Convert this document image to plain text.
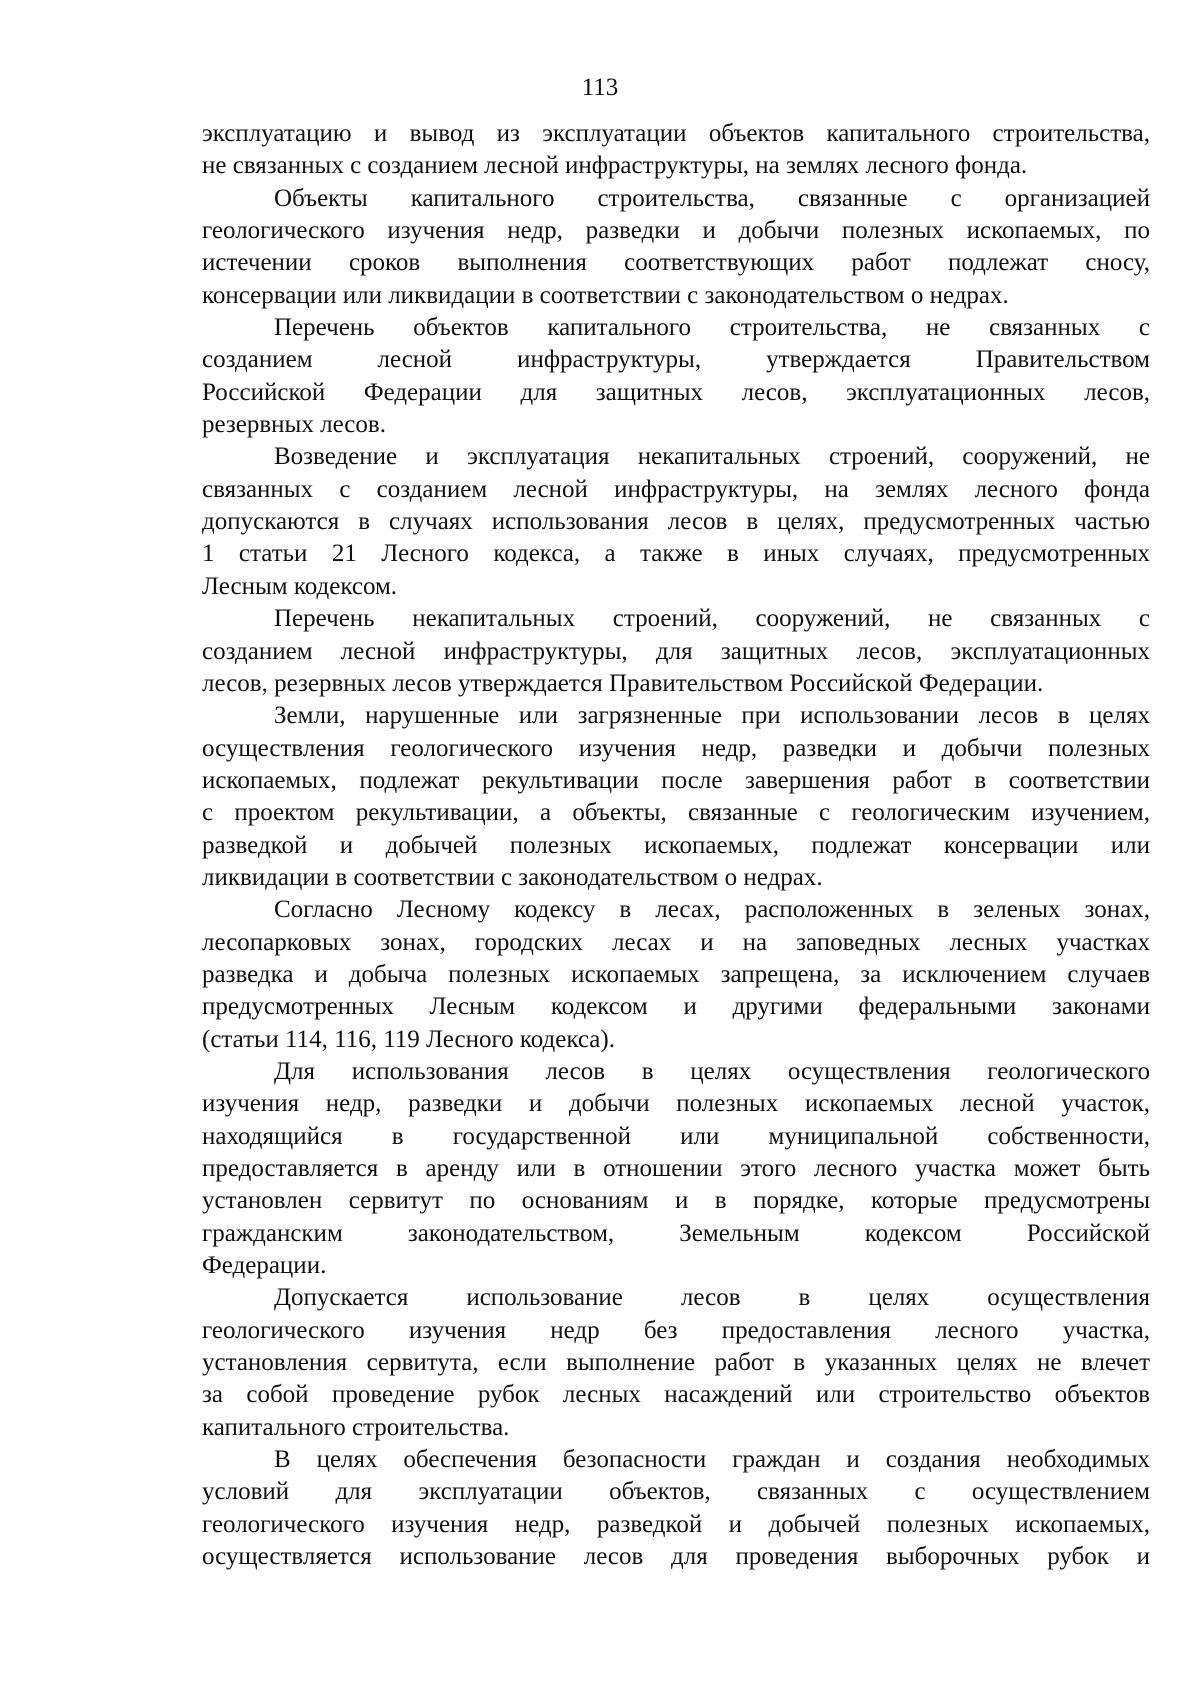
113
эксплуатацию и вывод из эксплуатации объектов капитального строительства,
не связанных с созданием лесной инфраструктуры, на землях лесного фонда.
Объекты капитального строительства, связанные с организацией
геологического изучения недр, разведки и добычи полезных ископаемых, по
истечении сроков выполнения соответствующих работ подлежат сносу,
консервации или ликвидации в соответствии с законодательством о недрах.
Перечень объектов капитального строительства, не связанных с
созданием лесной инфраструктуры, утверждается Правительством
Российской Федерации для защитных лесов, эксплуатационных лесов,
резервных лесов.
Возведение и эксплуатация некапитальных строений, сооружений, не
связанных с созданием лесной инфраструктуры, на землях лесного фонда
допускаются в случаях использования лесов в целях, предусмотренных частью
1 статьи 21 Лесного кодекса, а также в иных случаях, предусмотренных
Лесным кодексом.
Перечень некапитальных строений, сооружений, не связанных с
созданием лесной инфраструктуры, для защитных лесов, эксплуатационных
лесов, резервных лесов утверждается Правительством Российской Федерации.
Земли, нарушенные или загрязненные при использовании лесов в целях
осуществления геологического изучения недр, разведки и добычи полезных
ископаемых, подлежат рекультивации после завершения работ в соответствии
с проектом рекультивации, а объекты, связанные с геологическим изучением,
разведкой и добычей полезных ископаемых, подлежат консервации или
ликвидации в соответствии с законодательством о недрах.
Согласно Лесному кодексу в лесах, расположенных в зеленых зонах,
лесопарковых зонах, городских лесах и на заповедных лесных участках
разведка и добыча полезных ископаемых запрещена, за исключением случаев
предусмотренных Лесным кодексом и другими федеральными законами
(статьи 114, 116, 119 Лесного кодекса).
Для использования лесов в целях осуществления геологического
изучения недр, разведки и добычи полезных ископаемых лесной участок,
находящийся в государственной или муниципальной собственности,
предоставляется в аренду или в отношении этого лесного участка может быть
установлен сервитут по основаниям и в порядке, которые предусмотрены
гражданским законодательством, Земельным кодексом Российской
Федерации.
Допускается использование лесов в целях осуществления
геологического изучения недр без предоставления лесного участка,
установления сервитута, если выполнение работ в указанных целях не влечет
за собой проведение рубок лесных насаждений или строительство объектов
капитального строительства.
В целях обеспечения безопасности граждан и создания необходимых
условий для эксплуатации объектов, связанных с осуществлением
геологического изучения недр, разведкой и добычей полезных ископаемых,
осуществляется использование лесов для проведения выборочных рубок и
